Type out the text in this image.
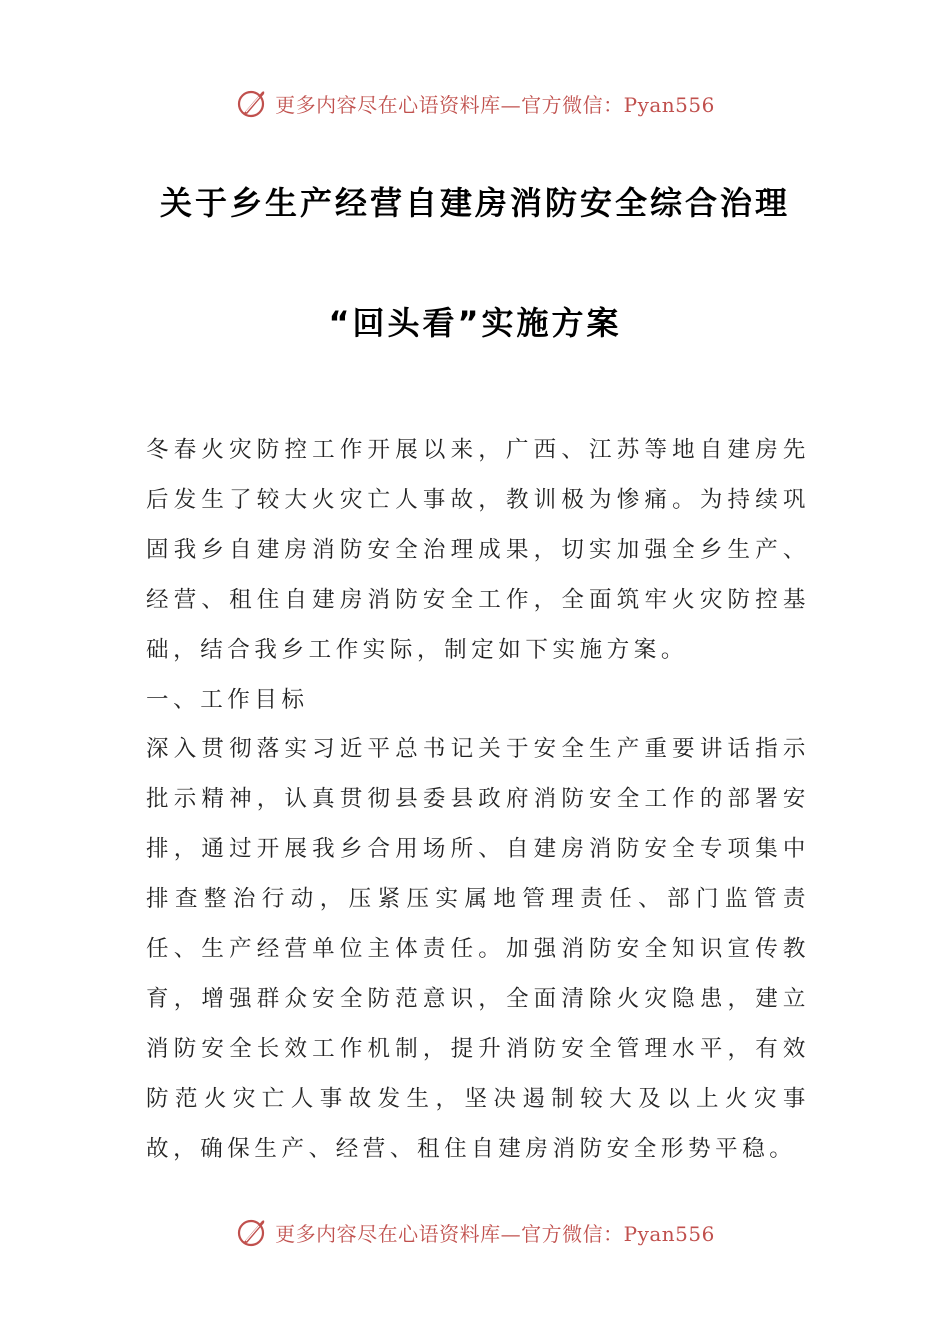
更多内容尽在心语资料库—官方微信：Pyan556
关于乡生产经营自建房消防安全综合治理
“回头看”实施方案

冬春火灾防控工作开展以来，广西、江苏等地自建房先后发生了较大火灾亡人事故，教训极为惨痛。为持续巩固我乡自建房消防安全治理成果，切实加强全乡生产、经营、租住自建房消防安全工作，全面筑牢火灾防控基础，结合我乡工作实际，制定如下实施方案。

一、工作目标

深入贯彻落实习近平总书记关于安全生产重要讲话指示批示精神，认真贯彻县委县政府消防安全工作的部署安排，通过开展我乡合用场所、自建房消防安全专项集中排查整治行动，压紧压实属地管理责任、部门监管责任、生产经营单位主体责任。加强消防安全知识宣传教育，增强群众安全防范意识，全面清除火灾隐患，建立消防安全长效工作机制，提升消防安全管理水平，有效防范火灾亡人事故发生，坚决遏制较大及以上火灾事故，确保生产、经营、租住自建房消防安全形势平稳。

更多内容尽在心语资料库—官方微信：Pyan556
